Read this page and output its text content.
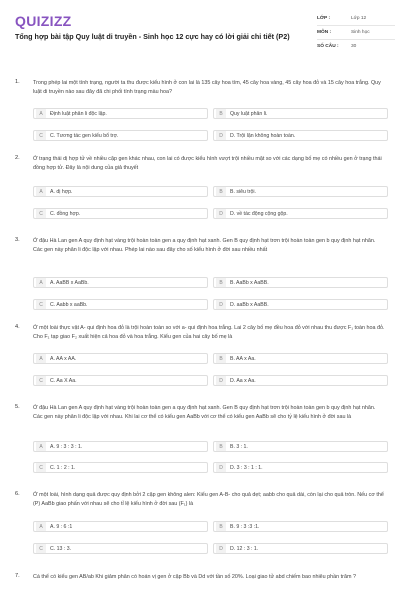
QUIZIZZ
Tổng hợp bài tập Quy luật di truyền - Sinh học 12 cực hay có lời giải chi tiết (P2)
LỚP :	Lớp 12
MÔN :	Sinh học
SỐ CÂU :	30
1. Trong phép lai một tính trạng, người ta thu được kiểu hình ở con lai là 135 cây hoa tím, 45 cây hoa vàng, 45 cây hoa đỏ và 15 cây hoa trắng. Quy luật di truyền nào sau đây đã chi phối tính trạng màu hoa?
A	Định luật phân li độc lập.	B	Quy luật phân li.
C	C. Tương tác gen kiểu bổ trợ.	D	D. Trội lặn không hoàn toàn.
2. Ở trạng thái dị hợp tử về nhiều cặp gen khác nhau, con lai có được kiểu hình vượt trội nhiều mặt so với các dạng bố mẹ có nhiều gen ở trạng thái đồng hợp tử. Đây là nội dung của giả thuyết
A	A. dị hợp.	B	B. siêu trội.
C	C. đồng hợp.	D	D. về tác động cộng gộp.
3. Ở đậu Hà Lan gen A quy định hạt vàng trội hoàn toàn gen a quy định hạt xanh. Gen B quy định hạt trơn trội hoàn toàn gen b quy định hạt nhăn. Các gen này phân li độc lập với nhau. Phép lai nào sau đây cho số kiểu hình ở đời sau nhiều nhất
A	A. AaBB x AaBb.	B	B. AaBb x AaBB.
C	C. Aabb x aaBb.	D	D. aaBb x AaBB.
4. Ở một loài thực vật A- qui định hoa đỏ là trội hoàn toàn so với a- qui định hoa trắng. Lai 2 cây bố mẹ đều hoa đỏ với nhau thu được F₁ toàn hoa đỏ. Cho F₁ tạp giao F₂ xuất hiện cả hoa đỏ và hoa trắng. Kiểu gen của hai cây bố mẹ là
A	A. AA x AA.	B	B. AA x Aa.
C	C. Aa X Aa.	D	D. Aa x Aa.
5. Ở đậu Hà Lan gen A quy định hạt vàng trội hoàn toàn gen a quy định hạt xanh. Gen B quy định hạt trơn trội hoàn toàn gen b quy định hạt nhăn. Các gen này phân li độc lập với nhau. Khi lai cơ thể có kiểu gen AaBb với cơ thể có kiểu gen AaBb sẽ cho tỷ lệ kiểu hình ở đời sau là
A	A. 9 : 3 : 3 : 1.	B	B. 3 : 1.
C	C. 1 : 2 : 1.	D	D. 3 : 3 : 1 : 1.
6. Ở một loài, hình dạng quả được quy định bởi 2 cặp gen không alen: Kiểu gen A-B- cho quả dẹt; aabb cho quả dài, còn lại cho quả tròn. Nếu cơ thể (P) AaBb giao phấn với nhau sẽ cho tỉ lệ kiểu hình ở đời sau (F₁) là
A	A. 9 : 6 :1	B	B. 9 : 3 :3 :1.
C	C. 13 : 3.	D	D. 12 : 3 : 1.
7. Cá thể có kiểu gen AB/ab Khi giảm phân có hoán vị gen ở cặp Bb và Dd với tần số 20%. Loại giao tử abd chiếm bao nhiêu phần trăm ?
